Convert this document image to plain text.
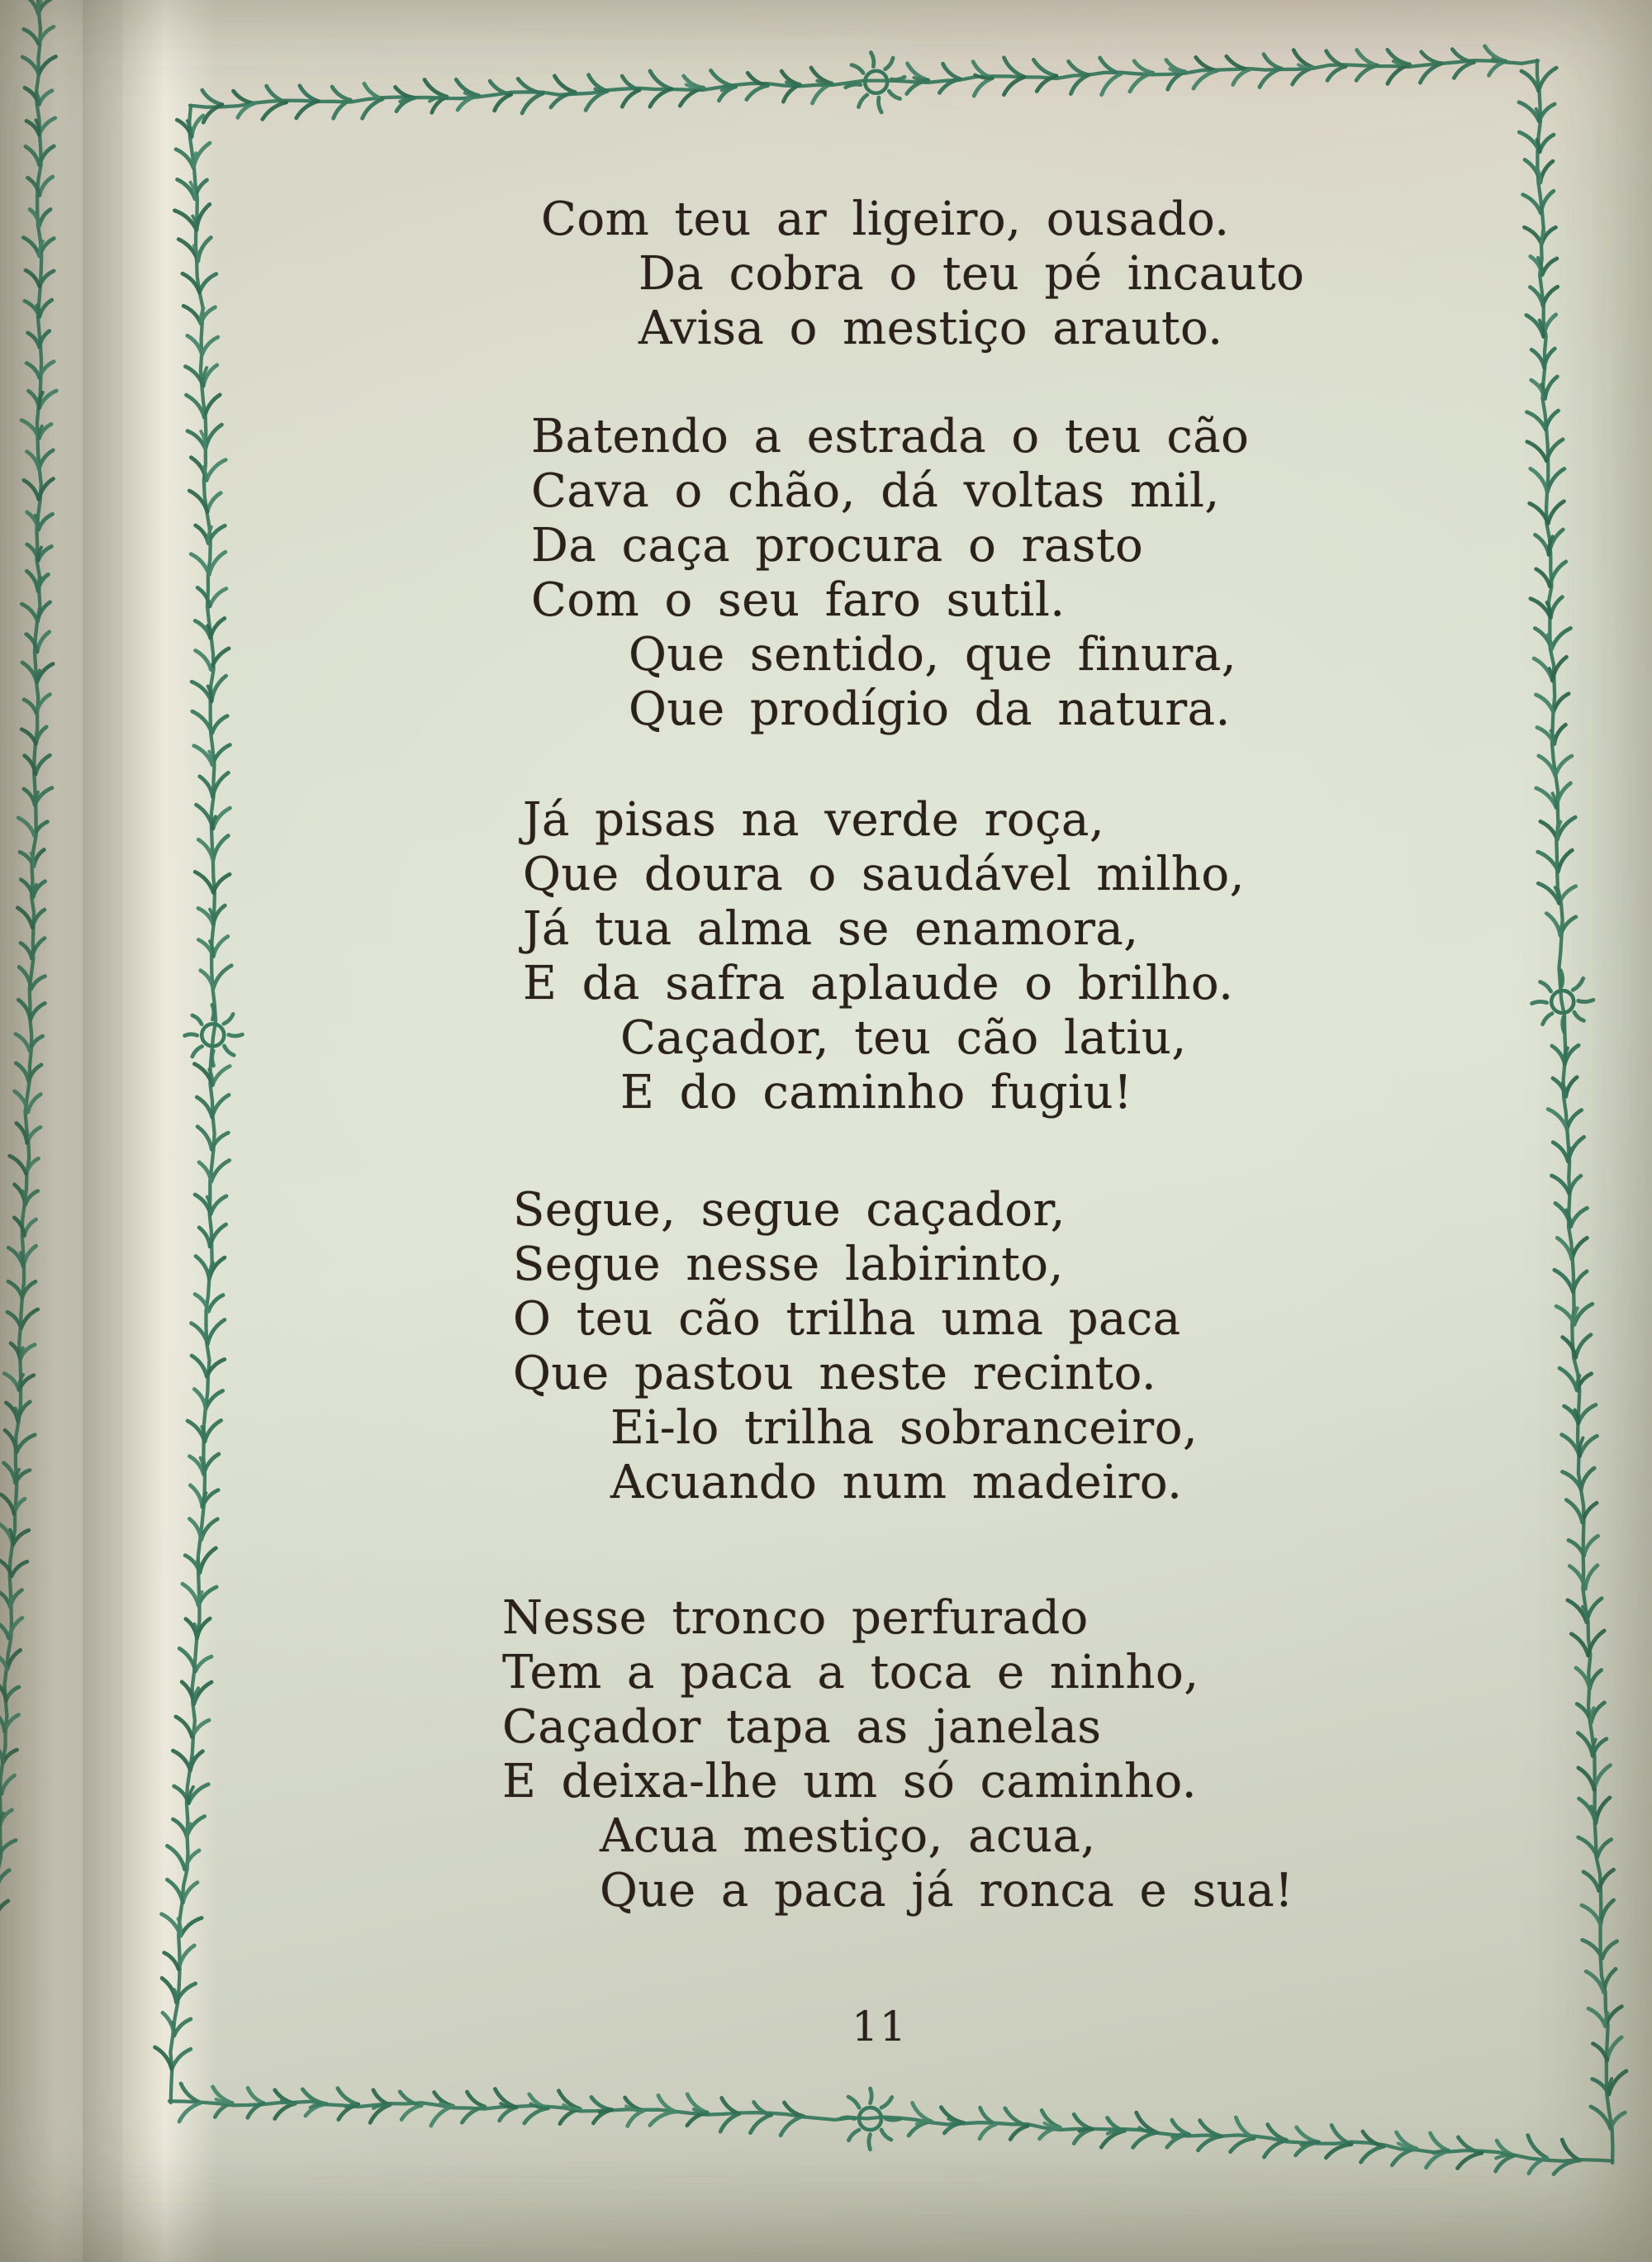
Com teu ar ligeiro, ousado.
Da cobra o teu pé incauto
Avisa o mestiço arauto.
Batendo a estrada o teu cão
Cava o chão, dá voltas mil,
Da caça procura o rasto
Com o seu faro sutil.
Que sentido, que finura,
Que prodígio da natura.
Já pisas na verde roça,
Que doura o saudável milho,
Já tua alma se enamora,
E da safra aplaude o brilho.
Caçador, teu cão latiu,
E do caminho fugiu!
Segue, segue caçador,
Segue nesse labirinto,
O teu cão trilha uma paca
Que pastou neste recinto.
Ei-lo trilha sobranceiro,
Acuando num madeiro.
Nesse tronco perfurado
Tem a paca a toca e ninho,
Caçador tapa as janelas
E deixa-lhe um só caminho.
Acua mestiço, acua,
Que a paca já ronca e sua!
11
